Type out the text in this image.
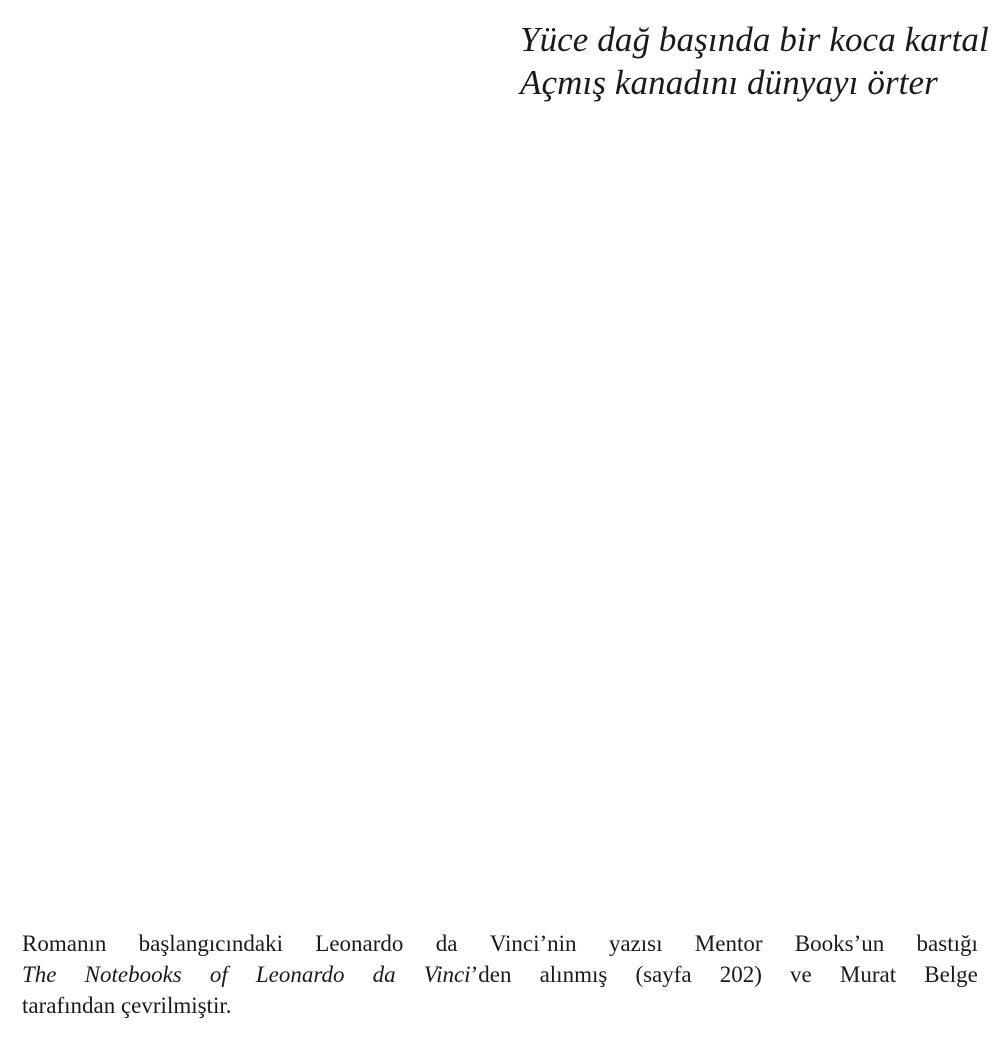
Yüce dağ başında bir koca kartal
Açmış kanadını dünyayı örter
Romanın başlangıcındaki Leonardo da Vinci’nin yazısı Mentor Books’un bastığı
The Notebooks of Leonardo da Vinci’den alınmış (sayfa 202) ve Murat Belge
tarafından çevrilmiştir.
